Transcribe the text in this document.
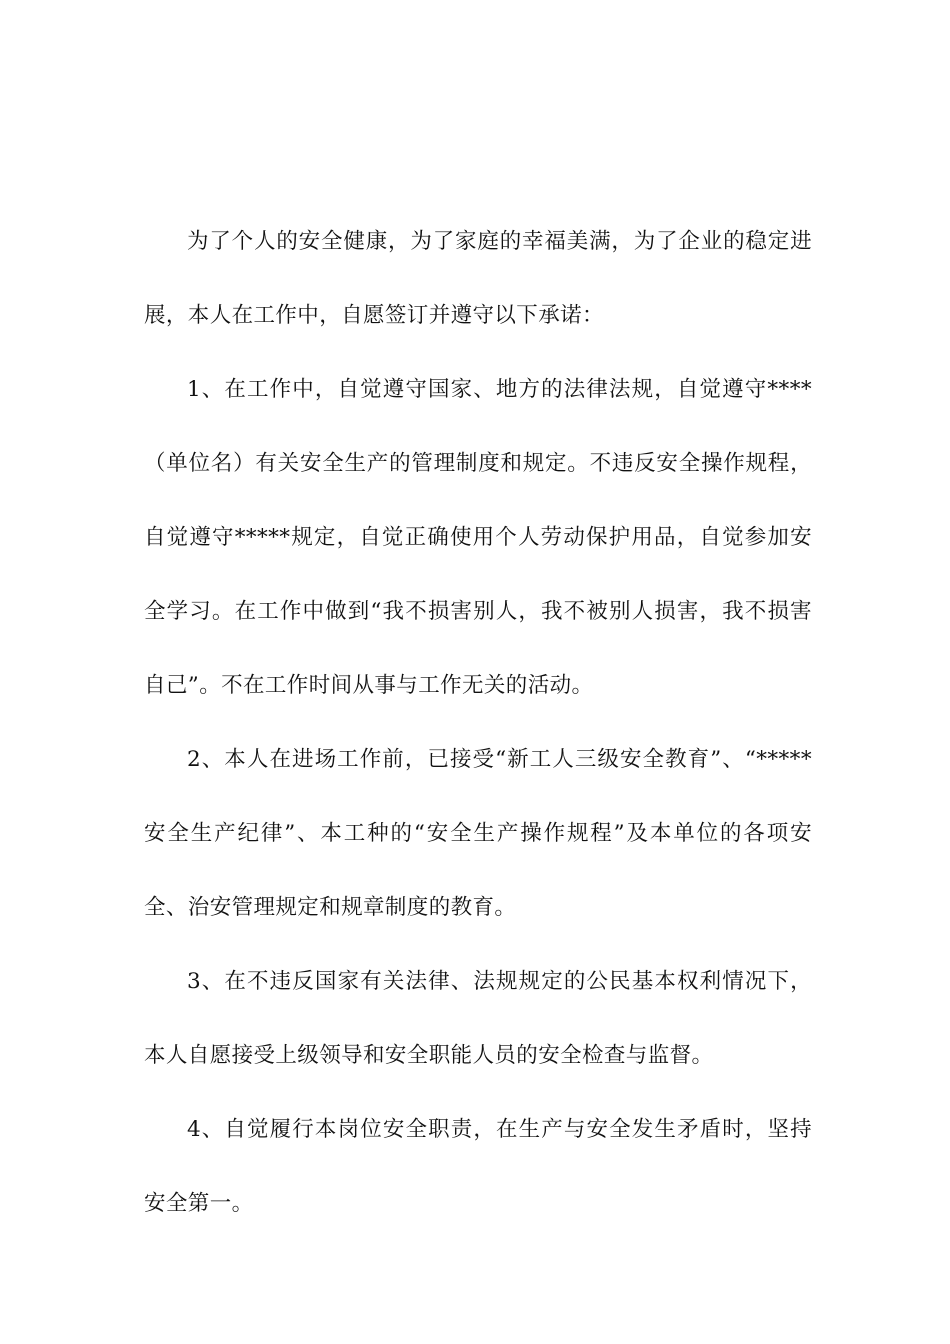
为了个人的安全健康，为了家庭的幸福美满，为了企业的稳定进展，本人在工作中，自愿签订并遵守以下承诺：

1、在工作中，自觉遵守国家、地方的法律法规，自觉遵守****（单位名）有关安全生产的管理制度和规定。不违反安全操作规程，自觉遵守*****规定，自觉正确使用个人劳动保护用品，自觉参加安全学习。在工作中做到“我不损害别人，我不被别人损害，我不损害自己”。不在工作时间从事与工作无关的活动。

2、本人在进场工作前，已接受“新工人三级安全教育”、“*****安全生产纪律”、本工种的“安全生产操作规程”及本单位的各项安全、治安管理规定和规章制度的教育。

3、在不违反国家有关法律、法规规定的公民基本权利情况下，本人自愿接受上级领导和安全职能人员的安全检查与监督。

4、自觉履行本岗位安全职责，在生产与安全发生矛盾时，坚持安全第一。
